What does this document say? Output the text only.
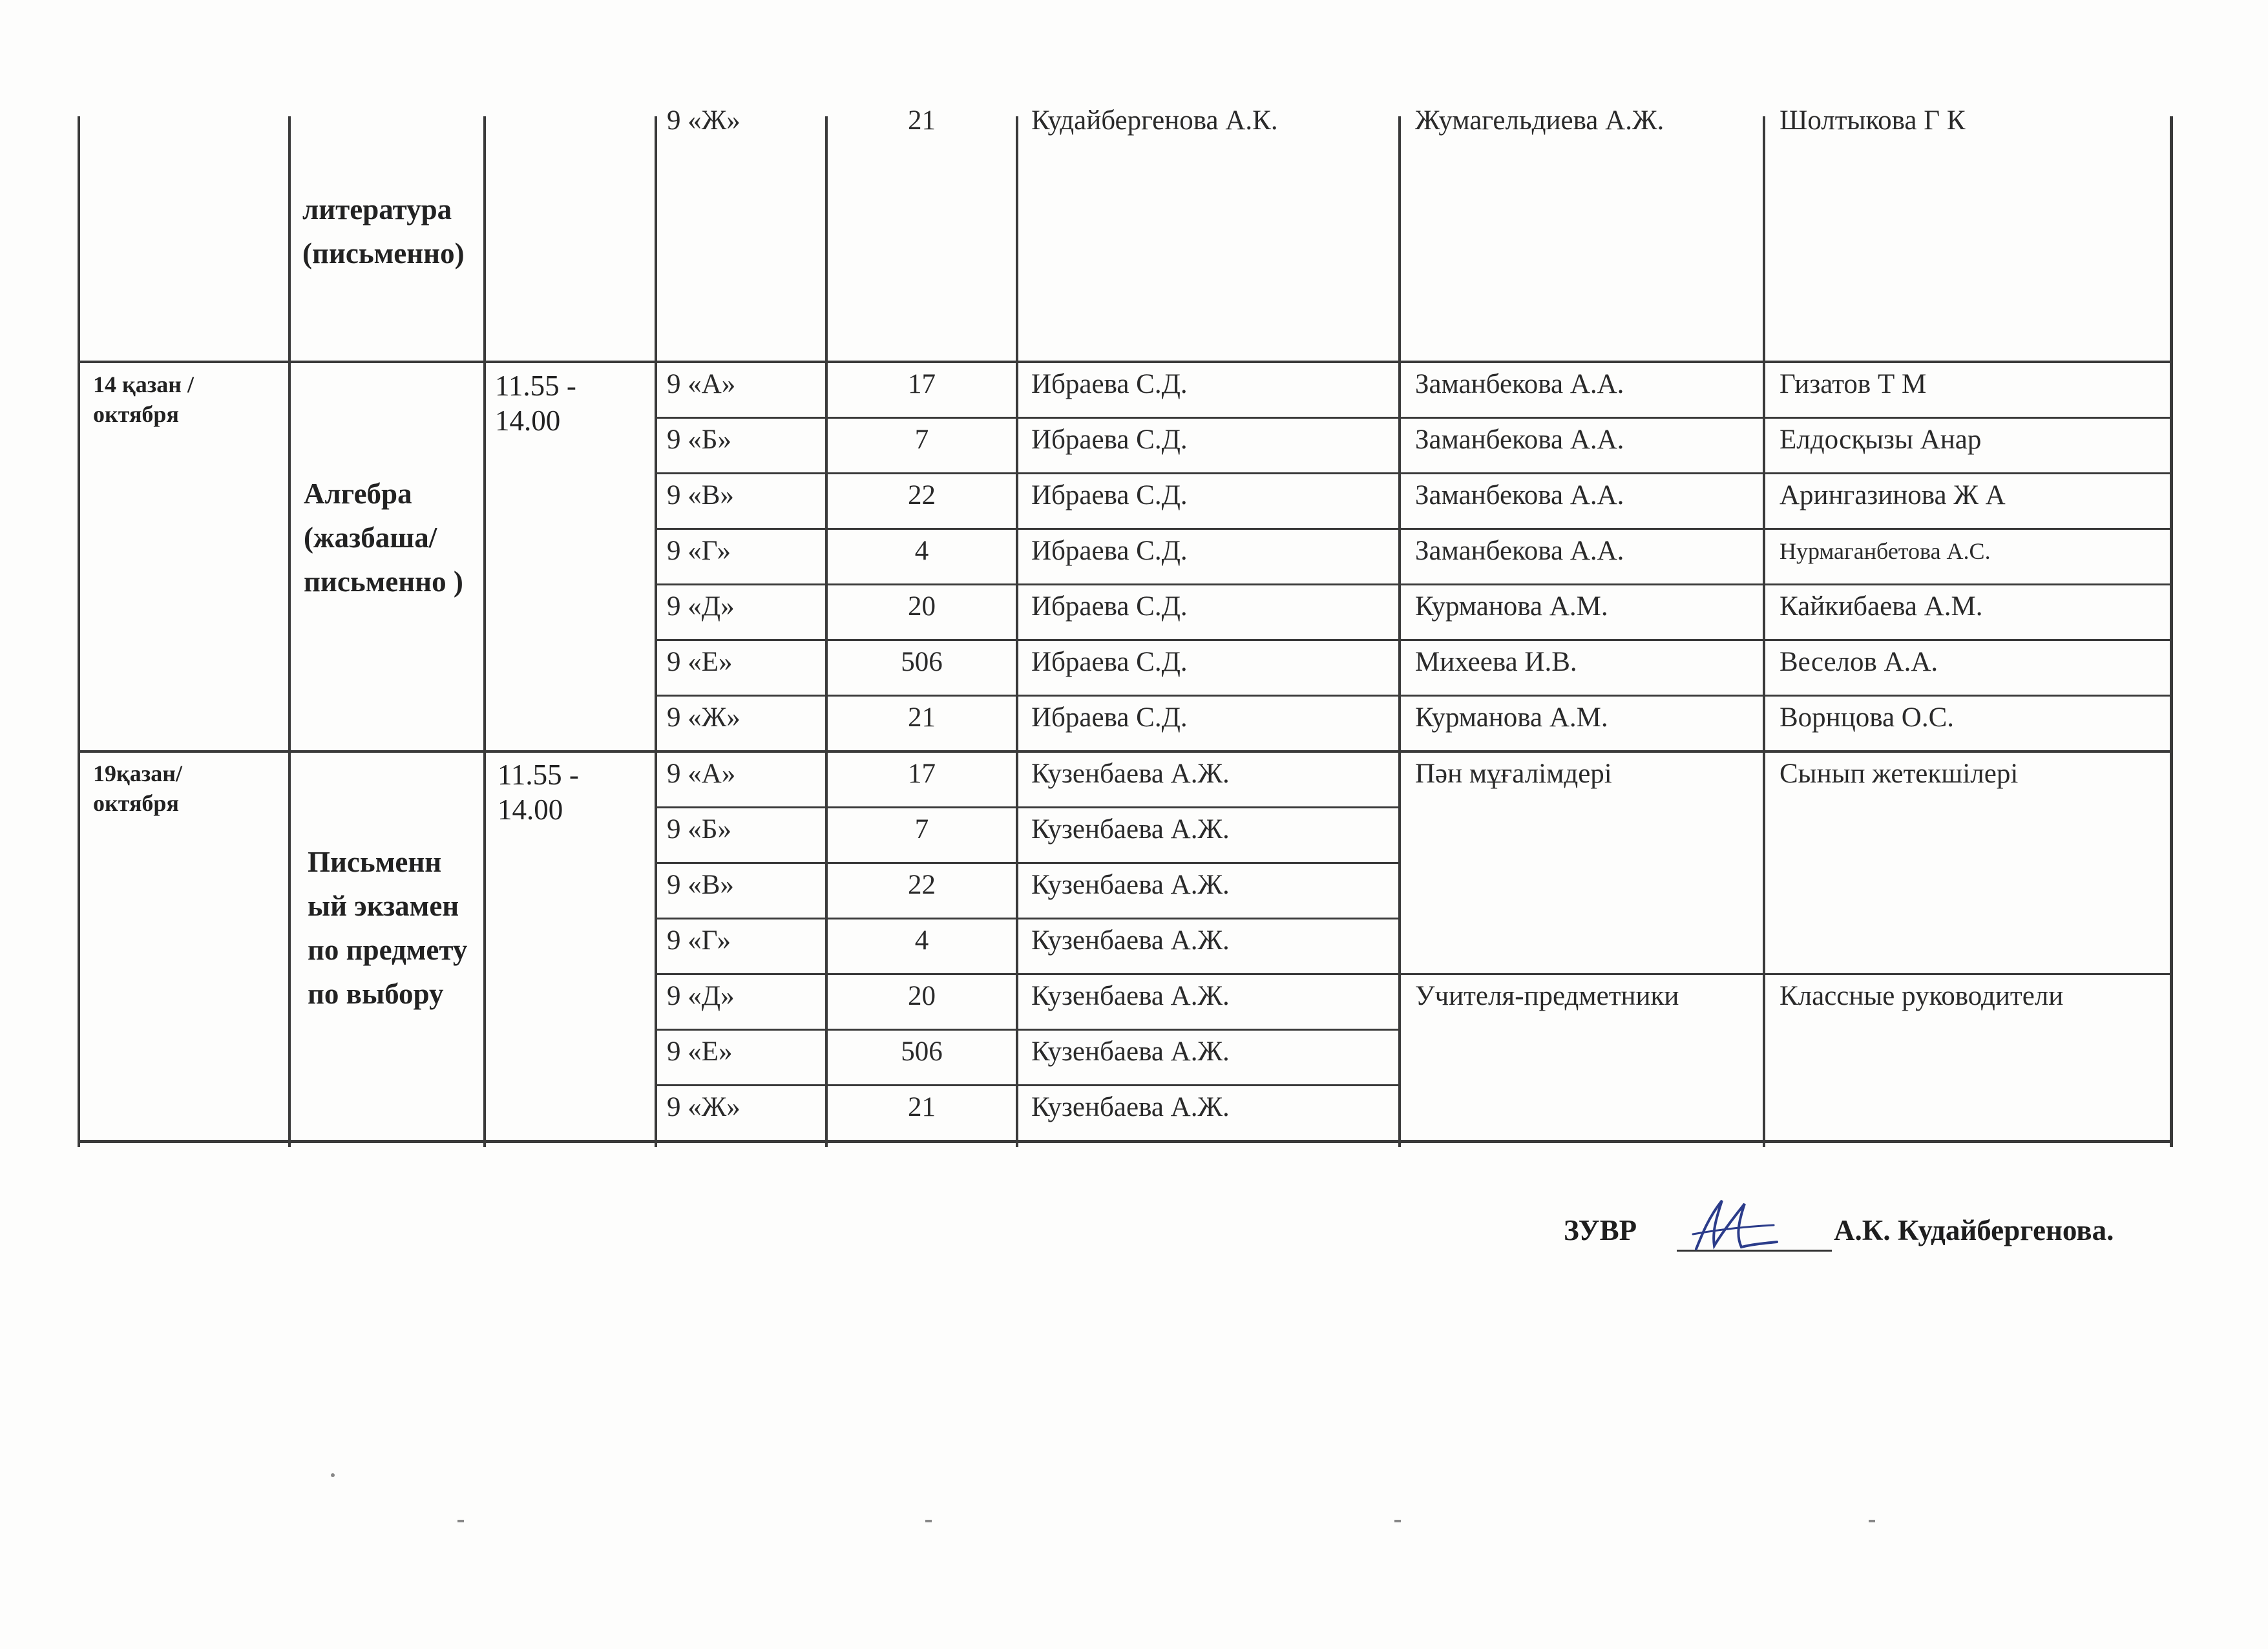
литература (письменно)
9 «Ж»	21	Кудайбергенова А.К.	Жумагельдиева А.Ж.	Шолтыкова Г К
14 қазан / октября
Алгебра (жазбаша/ письменно )
11.55 - 14.00
9 «А»	17	Ибраева С.Д.	Заманбекова А.А.	Гизатов Т М
9 «Б»	7	Ибраева С.Д.	Заманбекова А.А.	Елдосқызы Анар
9 «В»	22	Ибраева С.Д.	Заманбекова А.А.	Арингазинова Ж А
9 «Г»	4	Ибраева С.Д.	Заманбекова А.А.	Нурмаганбетова А.С.
9 «Д»	20	Ибраева С.Д.	Курманова А.М.	Кайкибаева А.М.
9 «Е»	506	Ибраева С.Д.	Михеева И.В.	Веселов А.А.
9 «Ж»	21	Ибраева С.Д.	Курманова А.М.	Ворнцова О.С.
19қазан/ октября
Письменн ый экзамен по предмету по выбору
11.55 - 14.00
Пән мұғалімдері	Сынып жетекшілері
Учителя-предметники	Классные руководители
9 «А»	17	Кузенбаева А.Ж.
9 «Б»	7	Кузенбаева А.Ж.
9 «В»	22	Кузенбаева А.Ж.
9 «Г»	4	Кузенбаева А.Ж.
9 «Д»	20	Кузенбаева А.Ж.
9 «Е»	506	Кузенбаева А.Ж.
9 «Ж»	21	Кузенбаева А.Ж.
ЗУВР	А.К. Кудайбергенова.
